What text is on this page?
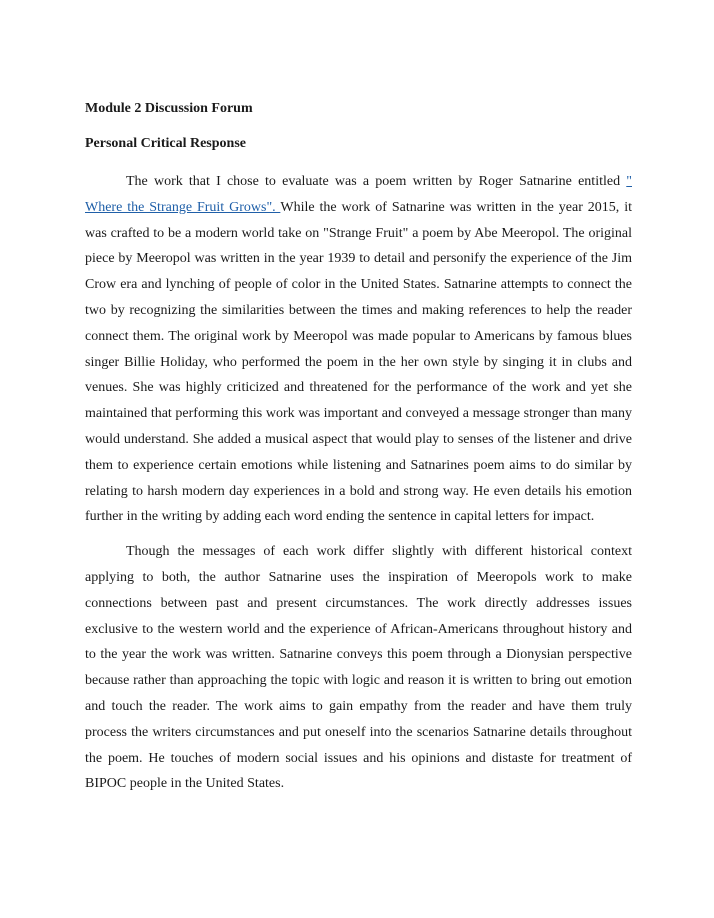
Module 2 Discussion Forum

Personal Critical Response

The work that I chose to evaluate was a poem written by Roger Satnarine entitled " Where the Strange Fruit Grows". While the work of Satnarine was written in the year 2015, it was crafted to be a modern world take on "Strange Fruit" a poem by Abe Meeropol. The original piece by Meeropol was written in the year 1939 to detail and personify the experience of the Jim Crow era and lynching of people of color in the United States. Satnarine attempts to connect the two by recognizing the similarities between the times and making references to help the reader connect them. The original work by Meeropol was made popular to Americans by famous blues singer Billie Holiday, who performed the poem in the her own style by singing it in clubs and venues. She was highly criticized and threatened for the performance of the work and yet she maintained that performing this work was important and conveyed a message stronger than many would understand. She added a musical aspect that would play to senses of the listener and drive them to experience certain emotions while listening and Satnarines poem aims to do similar by relating to harsh modern day experiences in a bold and strong way. He even details his emotion further in the writing by adding each word ending the sentence in capital letters for impact.

Though the messages of each work differ slightly with different historical context applying to both, the author Satnarine uses the inspiration of Meeropols work to make connections between past and present circumstances. The work directly addresses issues exclusive to the western world and the experience of African-Americans throughout history and to the year the work was written. Satnarine conveys this poem through a Dionysian perspective because rather than approaching the topic with logic and reason it is written to bring out emotion and touch the reader. The work aims to gain empathy from the reader and have them truly process the writers circumstances and put oneself into the scenarios Satnarine details throughout the poem. He touches of modern social issues and his opinions and distaste for treatment of BIPOC people in the United States.
